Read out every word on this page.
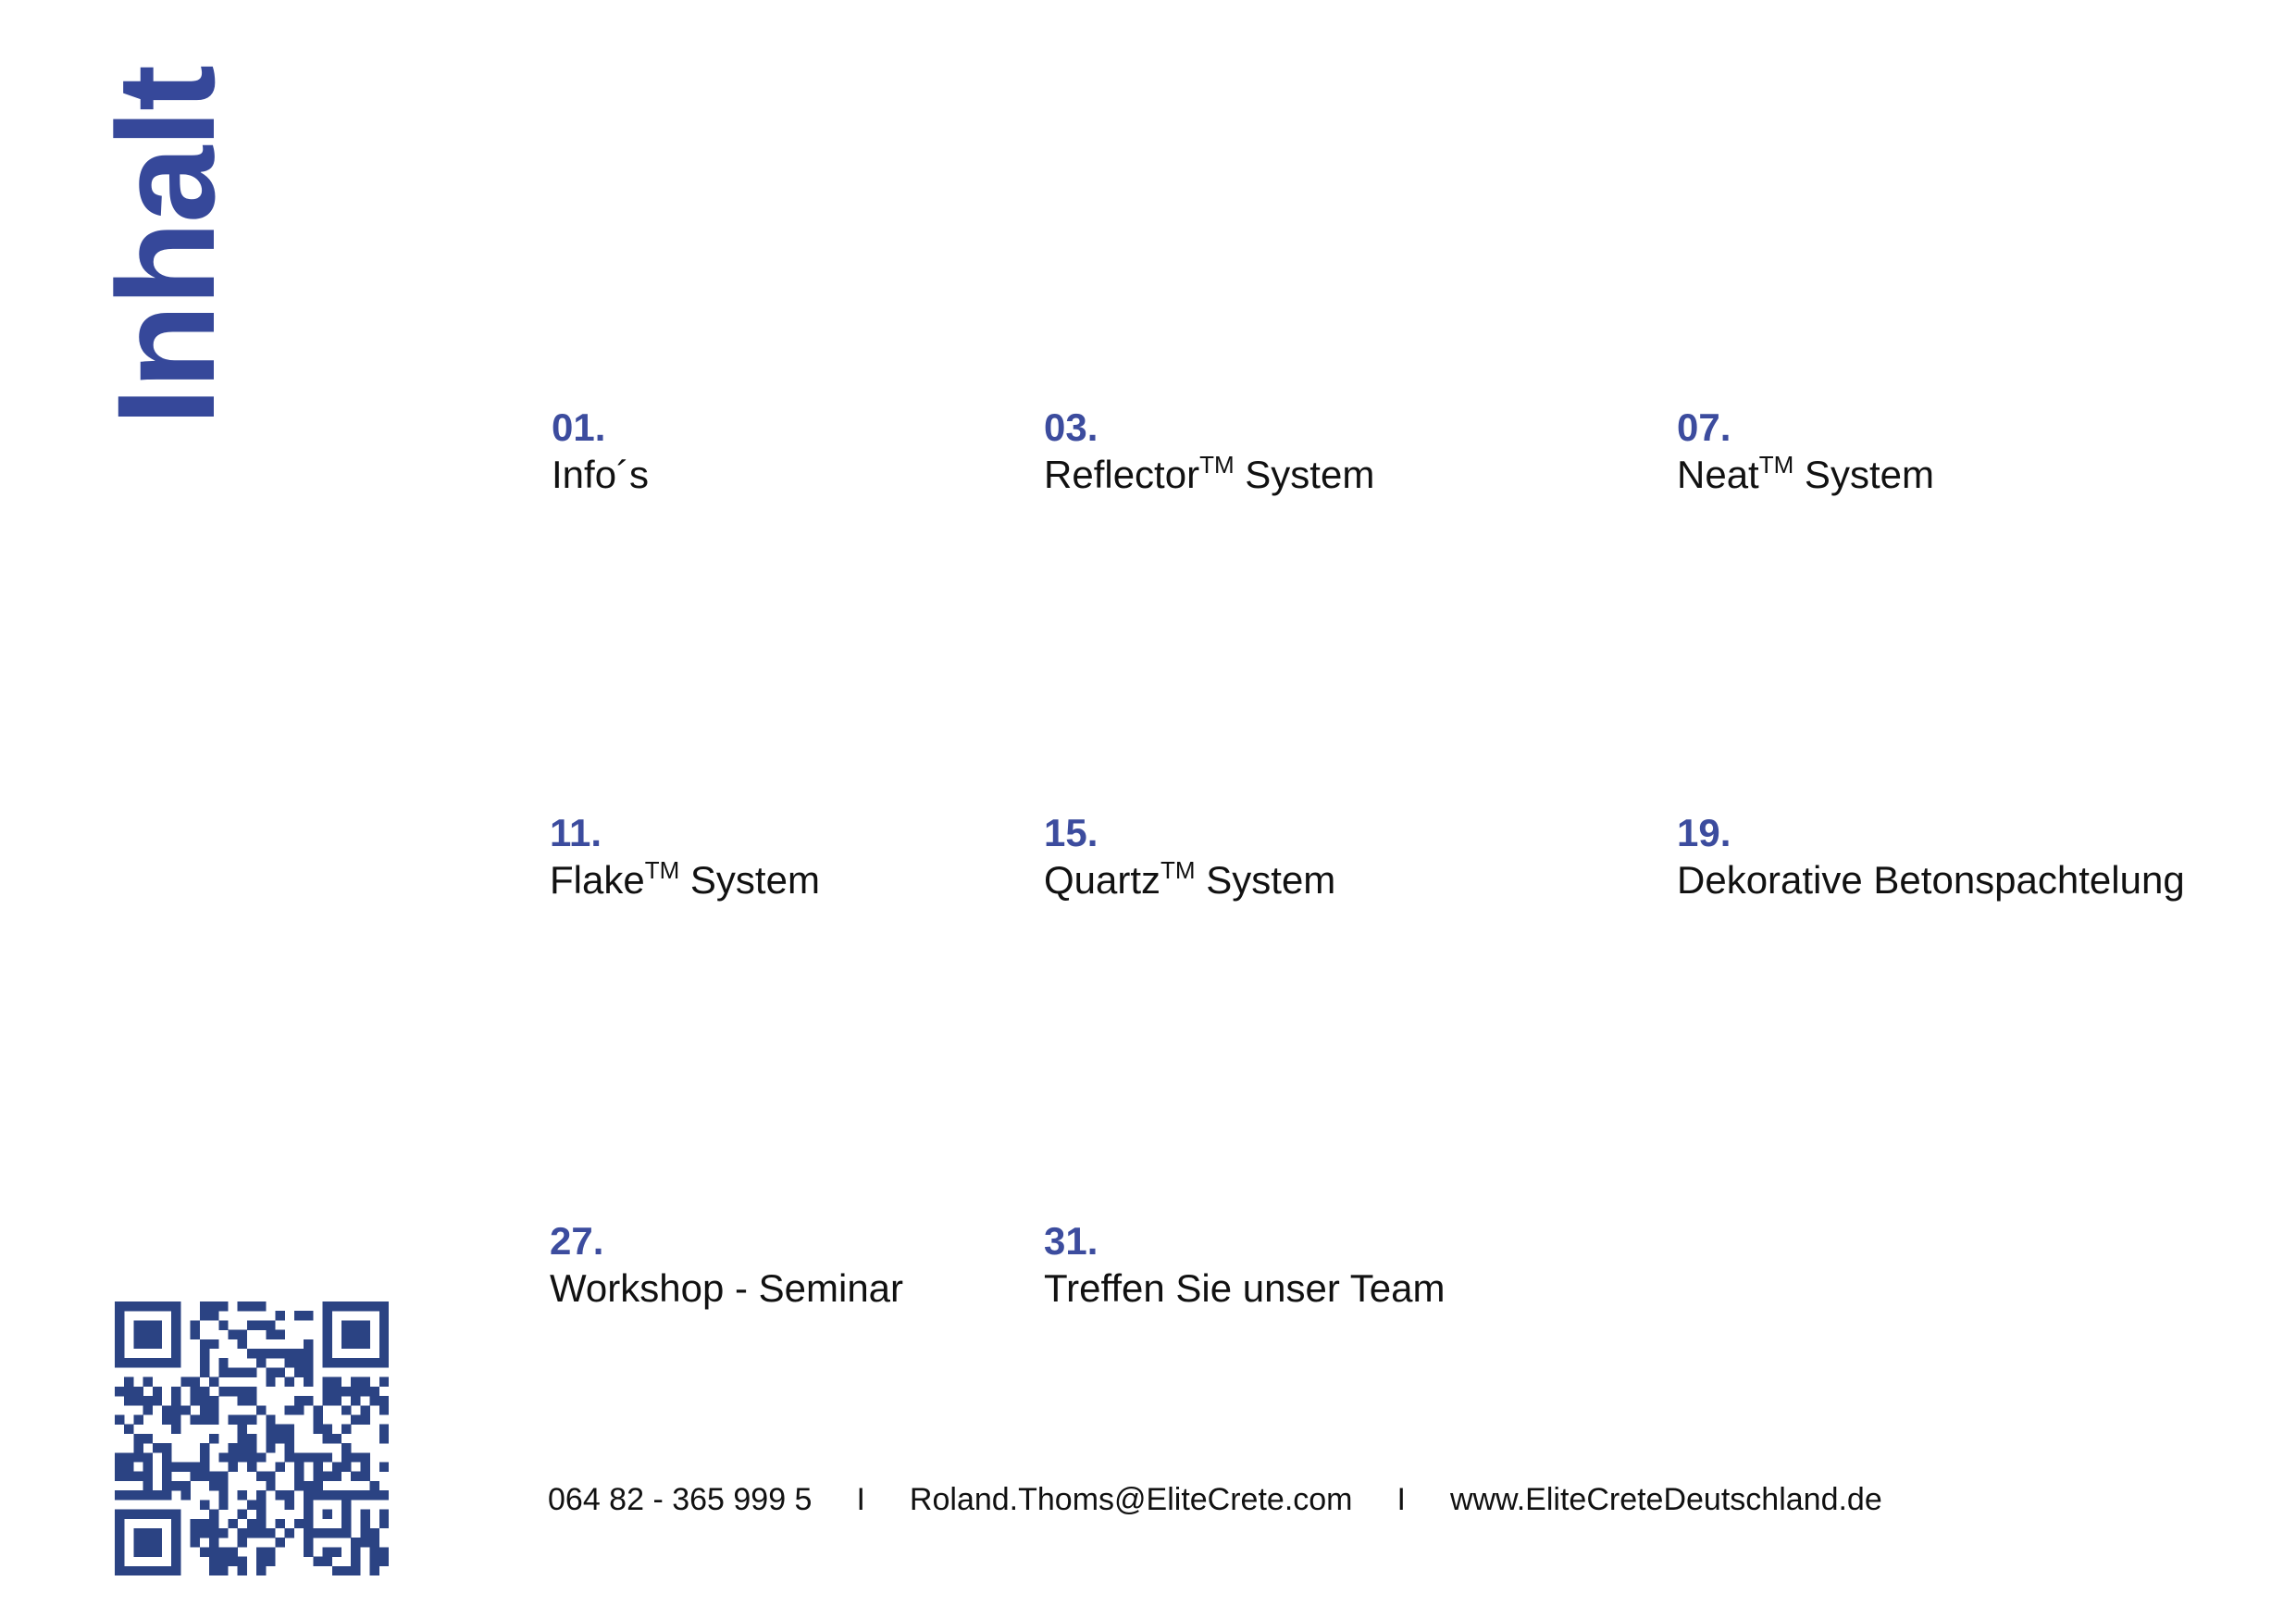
Inhalt
01.
Info´s
03.
Reflector™ System
07.
Neat™ System
11.
Flake™ System
15.
Quartz™ System
19.
Dekorative Betonspachtelung
27.
Workshop - Seminar
31.
Treffen Sie unser Team
064 82 - 365 999 5 I Roland.Thoms@EliteCrete.com I www.EliteCreteDeutschland.de
